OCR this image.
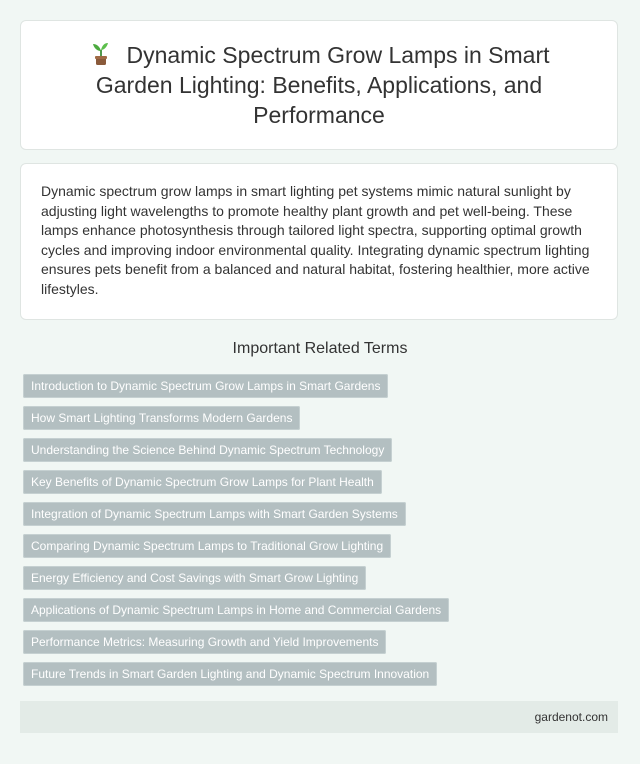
Dynamic Spectrum Grow Lamps in Smart Garden Lighting: Benefits, Applications, and Performance

Dynamic spectrum grow lamps in smart lighting pet systems mimic natural sunlight by adjusting light wavelengths to promote healthy plant growth and pet well-being. These lamps enhance photosynthesis through tailored light spectra, supporting optimal growth cycles and improving indoor environmental quality. Integrating dynamic spectrum lighting ensures pets benefit from a balanced and natural habitat, fostering healthier, more active lifestyles.

Important Related Terms
Introduction to Dynamic Spectrum Grow Lamps in Smart Gardens
How Smart Lighting Transforms Modern Gardens
Understanding the Science Behind Dynamic Spectrum Technology
Key Benefits of Dynamic Spectrum Grow Lamps for Plant Health
Integration of Dynamic Spectrum Lamps with Smart Garden Systems
Comparing Dynamic Spectrum Lamps to Traditional Grow Lighting
Energy Efficiency and Cost Savings with Smart Grow Lighting
Applications of Dynamic Spectrum Lamps in Home and Commercial Gardens
Performance Metrics: Measuring Growth and Yield Improvements
Future Trends in Smart Garden Lighting and Dynamic Spectrum Innovation
gardenot.com
